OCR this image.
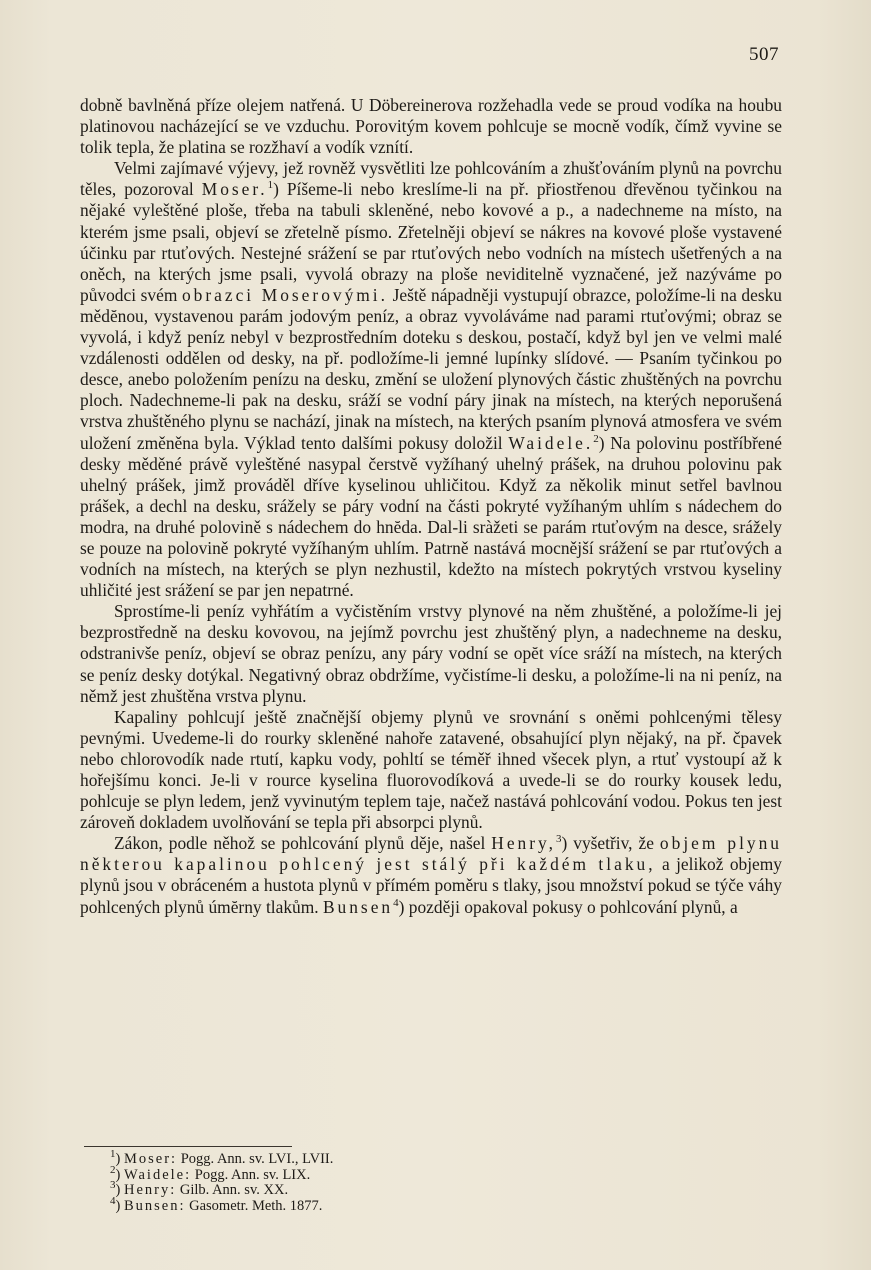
507

dobně bavlněná příze olejem natřená. U Döbereinerova rozžehadla vede se proud vodíka na houbu platinovou nacházející se ve vzduchu. Porovitým kovem pohlcuje se mocně vodík, čímž vyvine se tolik tepla, že platina se rozžhaví a vodík vznítí.

Velmi zajímavé výjevy, jež rovněž vysvětliti lze pohlcováním a zhušťováním plynů na povrchu těles, pozoroval Moser.$^1$) Píšeme-li nebo kreslíme-li na př. přiostřenou dřevěnou tyčinkou na nějaké vyleštěné ploše, třeba na tabuli skleněné, nebo kovové a p., a nadechneme na místo, na kterém jsme psali, objeví se zřetelně písmo. Zřetelněji objeví se nákres na kovové ploše vystavené účinku par rtuťových. Nestejné srážení se par rtuťových nebo vodních na místech ušetřených a na oněch, na kterých jsme psali, vyvolá obrazy na ploše neviditelně vyznačené, jež nazýváme po původci svém obrazci Moserovými. Ještě nápadněji vystupují obrazce, položíme-li na desku mědĕnou, vystavenou parám jodovým peníz, a obraz vyvoláváme nad parami rtuťovými; obraz se vyvolá, i když peníz nebyl v bezprostředním doteku s deskou, postačí, když byl jen ve velmi malé vzdálenosti oddělen od desky, na př. podložíme-li jemné lupínky slídové. — Psaním tyčinkou po desce, anebo položením penízu na desku, změní se uložení plynových částic zhuštěných na povrchu ploch. Nadechneme-li pak na desku, sráží se vodní páry jinak na místech, na kterých neporušená vrstva zhuštěného plynu se nachází, jinak na místech, na kterých psaním plynová atmosfera ve svém uložení změněna byla. Výklad tento dalšími pokusy doložil Waidele.$^2$) Na polovinu postříbřené desky měděné právě vyleštěné nasypal čerstvě vyžíhaný uhelný prášek, na druhou polovinu pak uhelný prášek, jimž prováděl dříve kyselinou uhličitou. Když za několik minut setřel bavlnou prášek, a dechl na desku, srážely se páry vodní na části pokryté vyžíhaným uhlím s nádechem do modra, na druhé polovině s nádechem do hnĕda. Dal-li sràžeti se parám rtuťovým na desce, srážely se pouze na polovině pokryté vyžíhaným uhlím. Patrně nastává mocnější srážení se par rtuťových a vodních na místech, na kterých se plyn nezhustil, kdežto na místech pokrytých vrstvou kyseliny uhličité jest srážení se par jen nepatrné.

Sprostíme-li peníz vyhřátím a vyčistěním vrstvy plynové na něm zhuštěné, a položíme-li jej bezprostředně na desku kovovou, na jejímž povrchu jest zhuštěný plyn, a nadechneme na desku, odstranivše peníz, objeví se obraz penízu, any páry vodní se opĕt více sráží na místech, na kterých se peníz desky dotýkal. Negativný obraz obdržíme, vyčistíme-li desku, a položíme-li na ni peníz, na němž jest zhuštěna vrstva plynu.

Kapaliny pohlcují ještě značnější objemy plynů ve srovnání s oněmi pohlcenými tělesy pevnými. Uvedeme-li do rourky skleněné nahoře zatavené, obsahující plyn nějaký, na př. čpavek nebo chlorovodík nade rtutí, kapku vody, pohltí se téměř ihned všecek plyn, a rtuť vystoupí až k hořejšímu konci. Je-li v rource kyselina fluorovodíková a uvede-li se do rourky kousek ledu, pohlcuje se plyn ledem, jenž vyvinutým teplem taje, načež nastává pohlcování vodou. Pokus ten jest zároveň dokladem uvolňování se tepla při absorpci plynů.

Zákon, podle něhož se pohlcování plynů děje, našel Henry,$^3$) vyšetřiv, že objem plynu některou kapalinou pohlcený jest stálý při každém tlaku, a jelikož objemy plynů jsou v obráceném a hustota plynů v přímém poměru s tlaky, jsou množství pokud se týče váhy pohlcených plynů úmĕrny tlakům. Bunsen$^4$) později opakoval pokusy o pohlcování plynů, a

$^1$) Moser: Pogg. Ann. sv. LVI., LVII.
$^2$) Waidele: Pogg. Ann. sv. LIX.
$^3$) Henry: Gilb. Ann. sv. XX.
$^4$) Bunsen: Gasometr. Meth. 1877.
